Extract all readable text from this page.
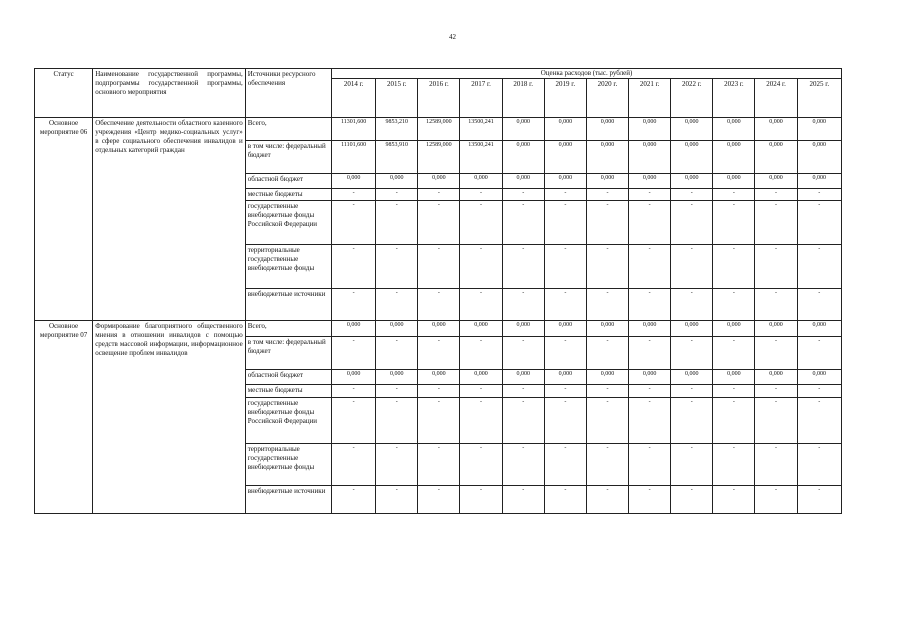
42
Статус	Наименование государственной программы, подпрограммы государственной программы, основного мероприятия	Источники ресурсного обеспечения	Оценка расходов (тыс. рублей)											
			2014 г.	2015 г.	2016 г.	2017 г.	2018 г.	2019 г.	2020 г.	2021 г.	2022 г.	2023 г.	2024 г.	2025 г.
Основное мероприятие 06	Обеспечение деятельности областного казенного учреждения «Центр медико-социальных услуг» в сфере социального обеспечения инвалидов и отдельных категорий граждан	Всего,	11301,600	9853,210	12589,000	13500,241	0,000	0,000	0,000	0,000	0,000	0,000	0,000	0,000
		в том числе: федеральный бюджет	11101,600	9853,910	12589,000	13500,241	0,000	0,000	0,000	0,000	0,000	0,000	0,000	0,000
		областной бюджет	0,000	0,000	0,000	0,000	0,000	0,000	0,000	0,000	0,000	0,000	0,000	0,000
		местные бюджеты	-	-	-	-	-	-	-	-	-	-	-	-
		государственные внебюджетные фонды Российской Федерации	-	-	-	-	-	-	-	-	-	-	-	-
		территориальные государственные внебюджетные фонды	-	-	-	-	-	-	-	-	-	-	-	-
		внебюджетные источники	-	-	-	-	-	-	-	-	-	-	-	-
Основное мероприятие 07	Формирование благоприятного общественного мнения в отношении инвалидов с помощью средств массовой информации, информационное освещение проблем инвалидов	Всего,	0,000	0,000	0,000	0,000	0,000	0,000	0,000	0,000	0,000	0,000	0,000	0,000
		в том числе: федеральный бюджет	-	-	-	-	-	-	-	-	-	-	-	-
		областной бюджет	0,000	0,000	0,000	0,000	0,000	0,000	0,000	0,000	0,000	0,000	0,000	0,000
		местные бюджеты	-	-	-	-	-	-	-	-	-	-	-	-
		государственные внебюджетные фонды Российской Федерации	-	-	-	-	-	-	-	-	-	-	-	-
		территориальные государственные внебюджетные фонды	-	-	-	-	-	-	-	-	-	-	-	-
		внебюджетные источники	-	-	-	-	-	-	-	-	-	-	-	-
